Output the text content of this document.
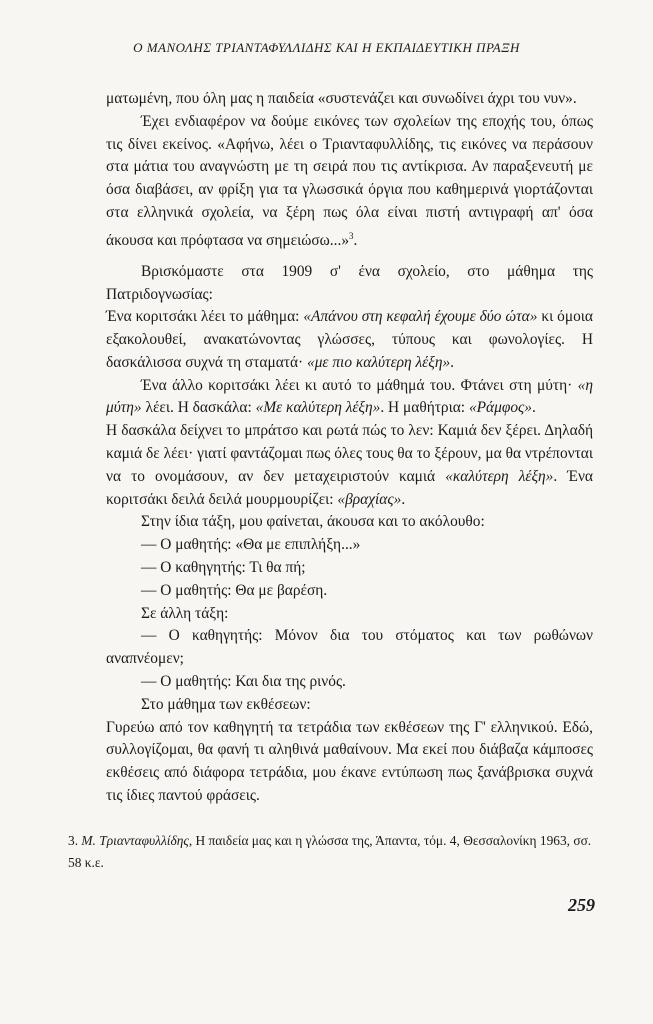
Ο ΜΑΝΟΛΗΣ ΤΡΙΑΝΤΑΦΥΛΛΙΔΗΣ ΚΑΙ Η ΕΚΠΑΙΔΕΥΤΙΚΗ ΠΡΑΞΗ

ματωμένη, που όλη μας η παιδεία «συστενάζει και συνωδίνει άχρι του νυν».

Έχει ενδιαφέρον να δούμε εικόνες των σχολείων της εποχής του, όπως τις δίνει εκείνος. «Αφήνω, λέει ο Τριανταφυλλίδης, τις εικόνες να περάσουν στα μάτια του αναγνώστη με τη σειρά που τις αντίκρισα. Αν παραξενευτή με όσα διαβάσει, αν φρίξη για τα γλωσσικά όργια που καθημερινά γιορτάζονται στα ελληνικά σχολεία, να ξέρη πως όλα είναι πιστή αντιγραφή απ' όσα άκουσα και πρόφτασα να σημειώσω...»$^3$.

Βρισκόμαστε στα 1909 σ' ένα σχολείο, στο μάθημα της Πατριδογνωσίας:

Ένα κοριτσάκι λέει το μάθημα: «Απάνου στη κεφαλή έχουμε δύο ώτα» κι όμοια εξακολουθεί, ανακατώνοντας γλώσσες, τύπους και φωνολογίες. Η δασκάλισσα συχνά τη σταματά· «με πιο καλύτερη λέξη».

Ένα άλλο κοριτσάκι λέει κι αυτό το μάθημά του. Φτάνει στη μύτη· «η μύτη» λέει. Η δασκάλα: «Με καλύτερη λέξη». Η μαθήτρια: «Ράμφος».

Η δασκάλα δείχνει το μπράτσο και ρωτά πώς το λεν: Καμιά δεν ξέρει. Δηλαδή καμιά δε λέει· γιατί φαντάζομαι πως όλες τους θα το ξέρουν, μα θα ντρέπονται να το ονομάσουν, αν δεν μεταχειριστούν καμιά «καλύτερη λέξη». Ένα κοριτσάκι δειλά δειλά μουρμουρίζει: «βραχίας».

Στην ίδια τάξη, μου φαίνεται, άκουσα και το ακόλουθο:

— Ο μαθητής: «Θα με επιπλήξη...»

— Ο καθηγητής: Τι θα πή;

— Ο μαθητής: Θα με βαρέση.

Σε άλλη τάξη:

— Ο καθηγητής: Μόνον δια του στόματος και των ρωθώνων αναπνέομεν;

— Ο μαθητής: Και δια της ρινός.

Στο μάθημα των εκθέσεων:

Γυρεύω από τον καθηγητή τα τετράδια των εκθέσεων της Γ' ελληνικού. Εδώ, συλλογίζομαι, θα φανή τι αληθινά μαθαίνουν. Μα εκεί που διάβαζα κάμποσες εκθέσεις από διάφορα τετράδια, μου έκανε εντύπωση πως ξανάβρισκα συχνά τις ίδιες παντού φράσεις.

3. Μ. Τριανταφυλλίδης, Η παιδεία μας και η γλώσσα της, Άπαντα, τόμ. 4, Θεσσαλονίκη 1963, σσ. 58 κ.ε.
259
